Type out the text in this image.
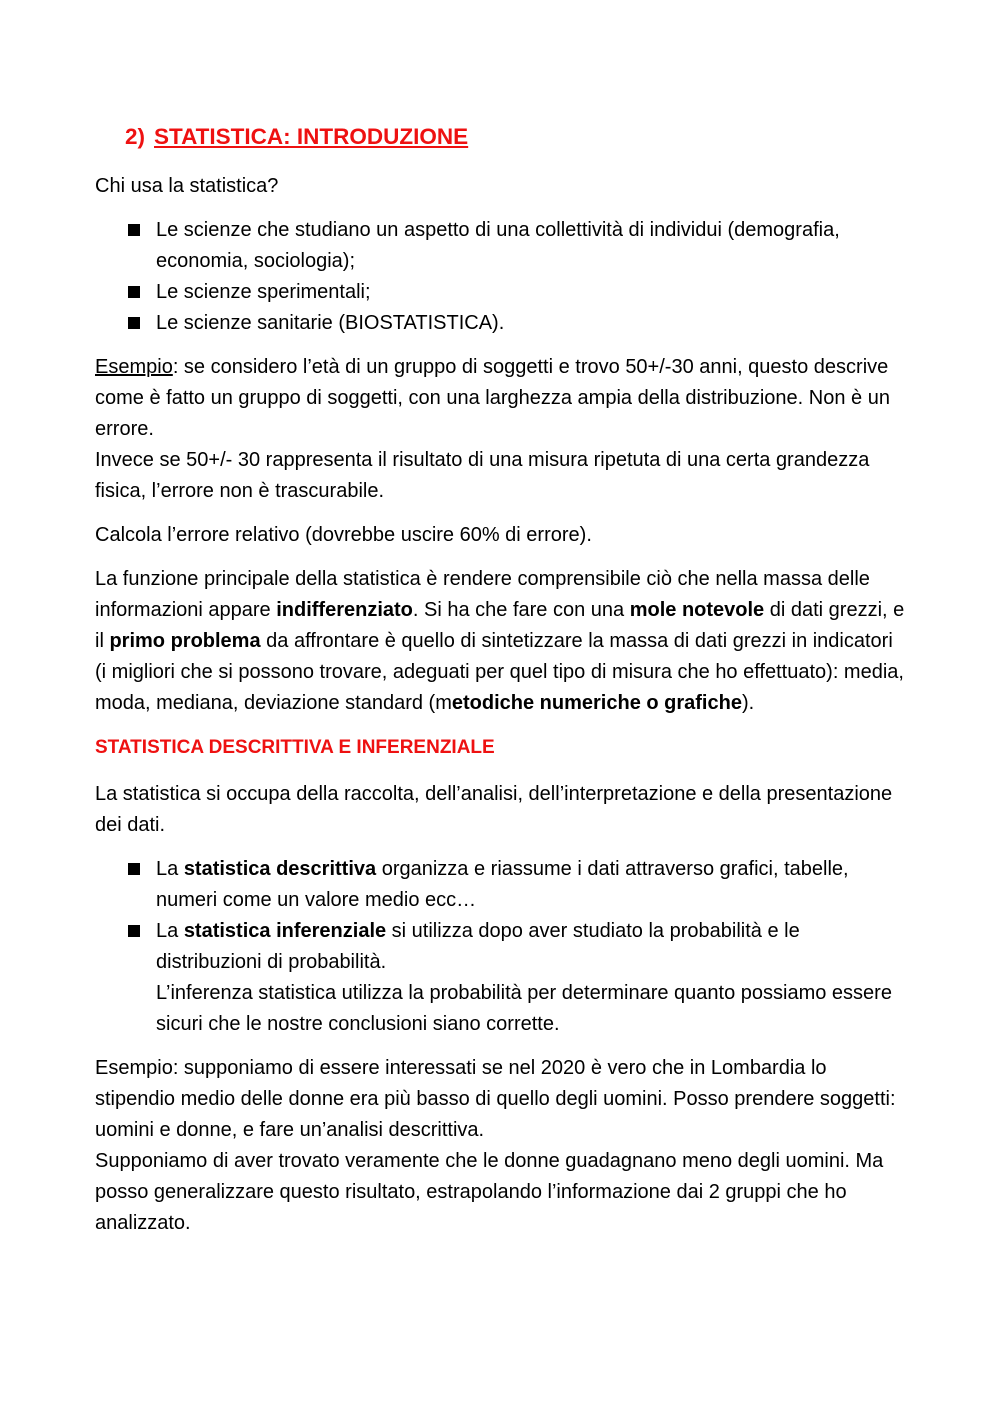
2) STATISTICA: INTRODUZIONE

Chi usa la statistica?

Le scienze che studiano un aspetto di una collettività di individui (demografia, economia, sociologia);
Le scienze sperimentali;
Le scienze sanitarie (BIOSTATISTICA).

Esempio: se considero l’età di un gruppo di soggetti e trovo 50+/-30 anni, questo descrive come è fatto un gruppo di soggetti, con una larghezza ampia della distribuzione. Non è un errore.
Invece se 50+/- 30 rappresenta il risultato di una misura ripetuta di una certa grandezza fisica, l’errore non è trascurabile.

Calcola l’errore relativo (dovrebbe uscire 60% di errore).

La funzione principale della statistica è rendere comprensibile ciò che nella massa delle informazioni appare indifferenziato. Si ha che fare con una mole notevole di dati grezzi, e il primo problema da affrontare è quello di sintetizzare la massa di dati grezzi in indicatori (i migliori che si possono trovare, adeguati per quel tipo di misura che ho effettuato): media, moda, mediana, deviazione standard (metodiche numeriche o grafiche).

STATISTICA DESCRITTIVA E INFERENZIALE

La statistica si occupa della raccolta, dell’analisi, dell’interpretazione e della presentazione dei dati.

La statistica descrittiva organizza e riassume i dati attraverso grafici, tabelle, numeri come un valore medio ecc…
La statistica inferenziale si utilizza dopo aver studiato la probabilità e le distribuzioni di probabilità.
L’inferenza statistica utilizza la probabilità per determinare quanto possiamo essere sicuri che le nostre conclusioni siano corrette.

Esempio: supponiamo di essere interessati se nel 2020 è vero che in Lombardia lo stipendio medio delle donne era più basso di quello degli uomini. Posso prendere soggetti: uomini e donne, e fare un’analisi descrittiva.
Supponiamo di aver trovato veramente che le donne guadagnano meno degli uomini. Ma posso generalizzare questo risultato, estrapolando l’informazione dai 2 gruppi che ho analizzato.
